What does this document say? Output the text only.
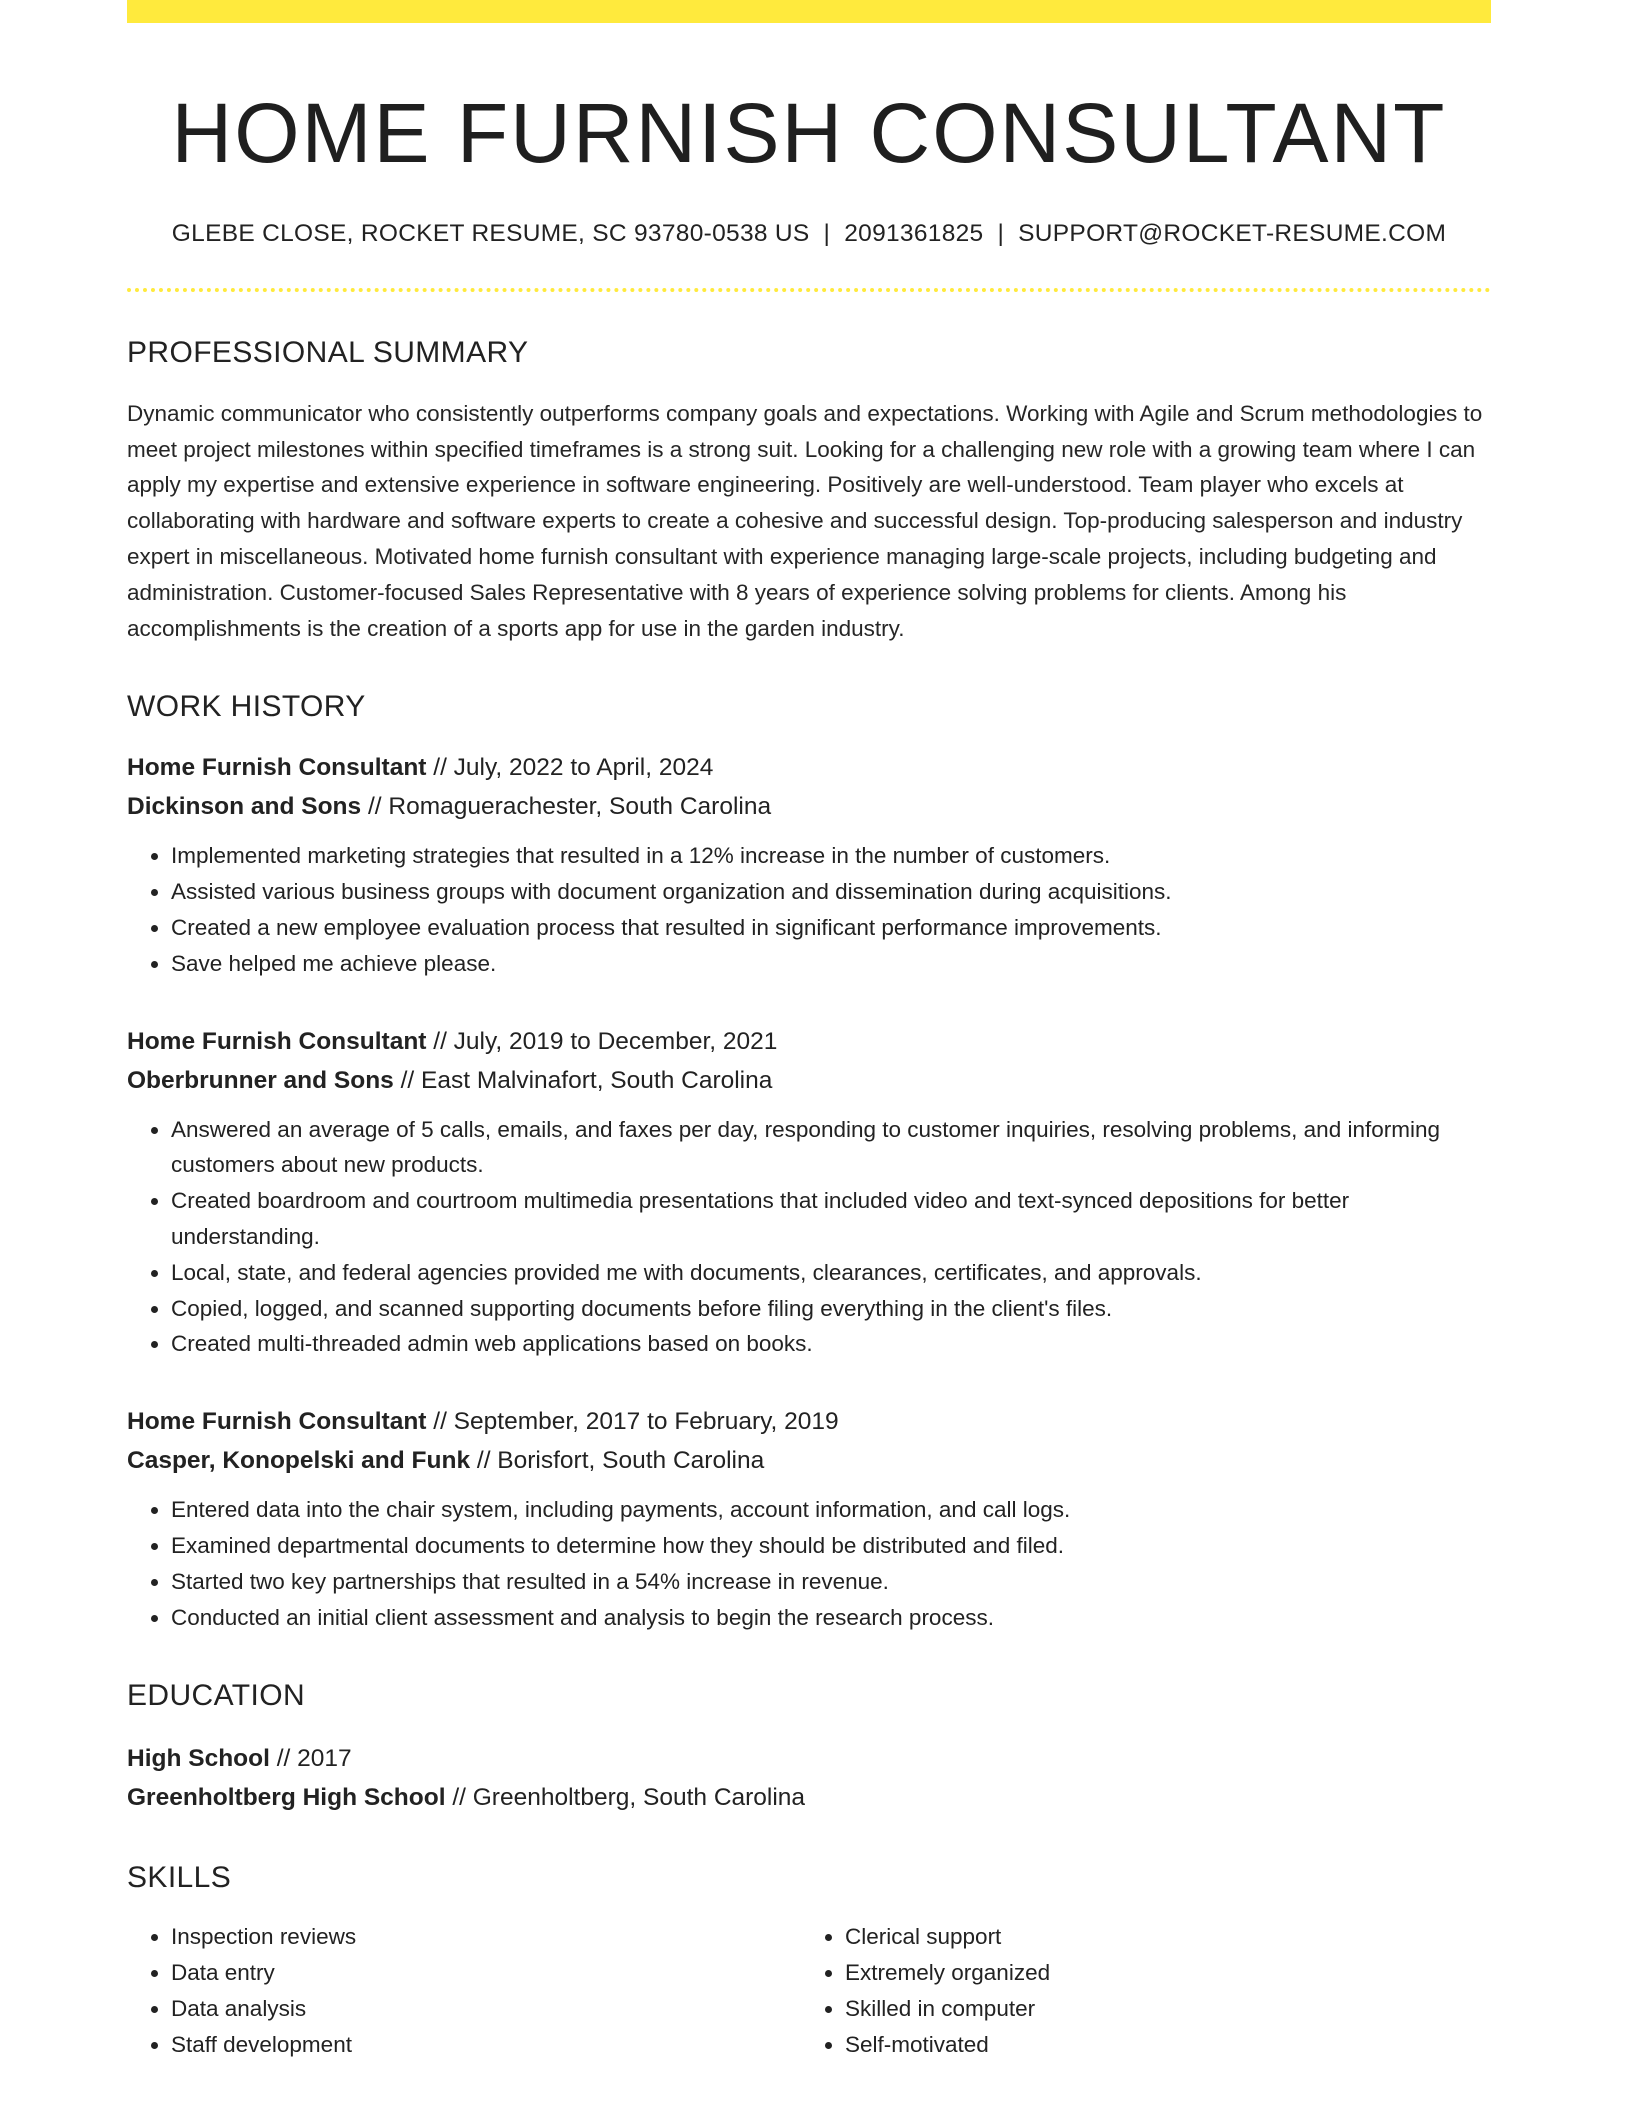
HOME FURNISH CONSULTANT
GLEBE CLOSE, ROCKET RESUME, SC 93780-0538 US | 2091361825 | SUPPORT@ROCKET-RESUME.COM
PROFESSIONAL SUMMARY
Dynamic communicator who consistently outperforms company goals and expectations. Working with Agile and Scrum methodologies to meet project milestones within specified timeframes is a strong suit. Looking for a challenging new role with a growing team where I can apply my expertise and extensive experience in software engineering. Positively are well-understood. Team player who excels at collaborating with hardware and software experts to create a cohesive and successful design. Top-producing salesperson and industry expert in miscellaneous. Motivated home furnish consultant with experience managing large-scale projects, including budgeting and administration. Customer-focused Sales Representative with 8 years of experience solving problems for clients. Among his accomplishments is the creation of a sports app for use in the garden industry.
WORK HISTORY
Home Furnish Consultant // July, 2022 to April, 2024
Dickinson and Sons // Romaguerachester, South Carolina
• Implemented marketing strategies that resulted in a 12% increase in the number of customers.
• Assisted various business groups with document organization and dissemination during acquisitions.
• Created a new employee evaluation process that resulted in significant performance improvements.
• Save helped me achieve please.
Home Furnish Consultant // July, 2019 to December, 2021
Oberbrunner and Sons // East Malvinafort, South Carolina
• Answered an average of 5 calls, emails, and faxes per day, responding to customer inquiries, resolving problems, and informing customers about new products.
• Created boardroom and courtroom multimedia presentations that included video and text-synced depositions for better understanding.
• Local, state, and federal agencies provided me with documents, clearances, certificates, and approvals.
• Copied, logged, and scanned supporting documents before filing everything in the client's files.
• Created multi-threaded admin web applications based on books.
Home Furnish Consultant // September, 2017 to February, 2019
Casper, Konopelski and Funk // Borisfort, South Carolina
• Entered data into the chair system, including payments, account information, and call logs.
• Examined departmental documents to determine how they should be distributed and filed.
• Started two key partnerships that resulted in a 54% increase in revenue.
• Conducted an initial client assessment and analysis to begin the research process.
EDUCATION
High School // 2017
Greenholtberg High School // Greenholtberg, South Carolina
SKILLS
• Inspection reviews
• Data entry
• Data analysis
• Staff development
• Clerical support
• Extremely organized
• Skilled in computer
• Self-motivated
